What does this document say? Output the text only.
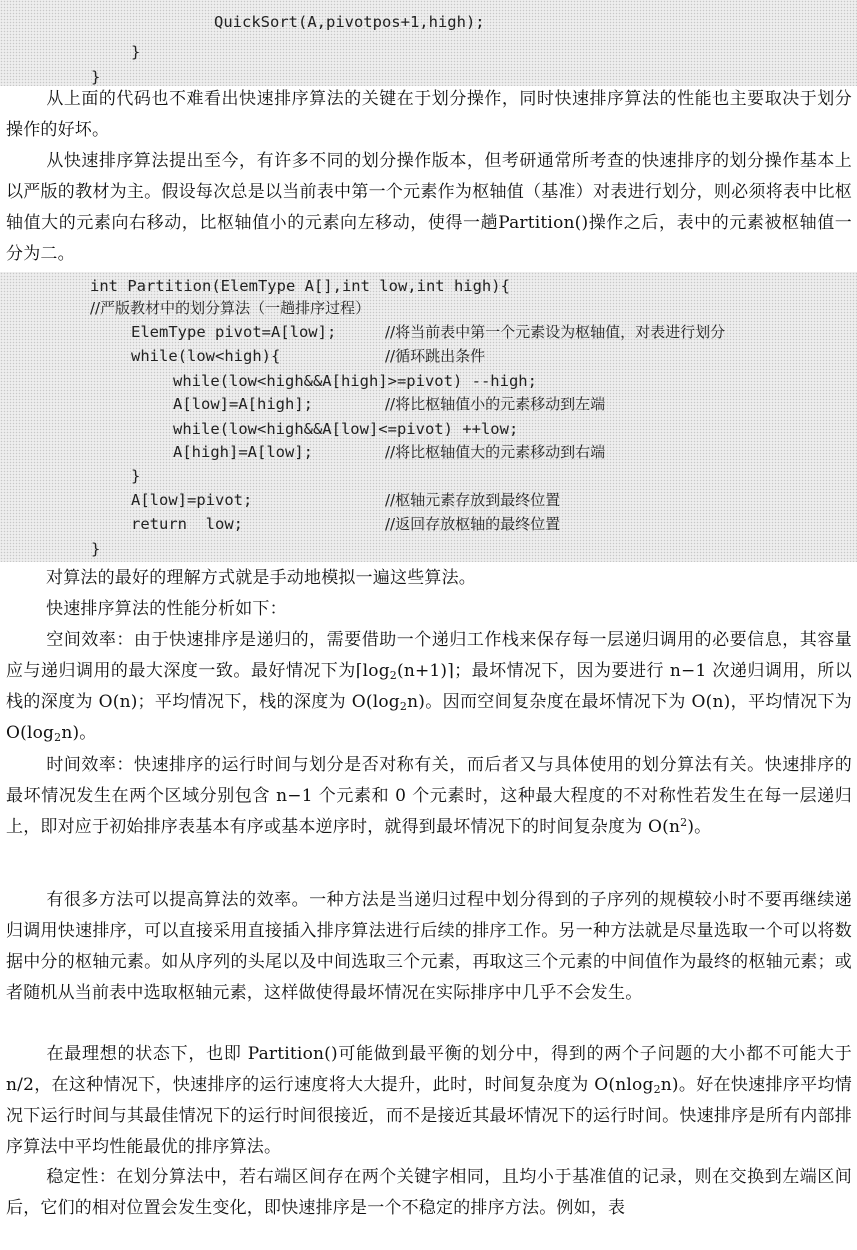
QuickSort(A,pivotpos+1,high);
}
}

从上面的代码也不难看出快速排序算法的关键在于划分操作，同时快速排序算法的性能也主要取决于划分操作的好坏。

从快速排序算法提出至今，有许多不同的划分操作版本，但考研通常所考查的快速排序的划分操作基本上以严版的教材为主。假设每次总是以当前表中第一个元素作为枢轴值（基准）对表进行划分，则必须将表中比枢轴值大的元素向右移动，比枢轴值小的元素向左移动，使得一趟Partition()操作之后，表中的元素被枢轴值一分为二。

int Partition(ElemType A[],int low,int high){
//严版教材中的划分算法（一趟排序过程）
ElemType pivot=A[low];	//将当前表中第一个元素设为枢轴值，对表进行划分
while(low<high){	//循环跳出条件
while(low<high&&A[high]>=pivot) --high;
A[low]=A[high];	//将比枢轴值小的元素移动到左端
while(low<high&&A[low]<=pivot) ++low;
A[high]=A[low];	//将比枢轴值大的元素移动到右端
}
A[low]=pivot;	//枢轴元素存放到最终位置
return  low;	//返回存放枢轴的最终位置
}

对算法的最好的理解方式就是手动地模拟一遍这些算法。

快速排序算法的性能分析如下：

空间效率：由于快速排序是递归的，需要借助一个递归工作栈来保存每一层递归调用的必要信息，其容量应与递归调用的最大深度一致。最好情况下为$⌈\log_2(n+1)⌉$；最坏情况下，因为要进行 n−1 次递归调用，所以栈的深度为 O(n)；平均情况下，栈的深度为 $O(\log_2n)$。因而空间复杂度在最坏情况下为 O(n)，平均情况下为 $O(\log_2n)$。

时间效率：快速排序的运行时间与划分是否对称有关，而后者又与具体使用的划分算法有关。快速排序的最坏情况发生在两个区域分别包含 n−1 个元素和 0 个元素时，这种最大程度的不对称性若发生在每一层递归上，即对应于初始排序表基本有序或基本逆序时，就得到最坏情况下的时间复杂度为 $O(n^2)$。

有很多方法可以提高算法的效率。一种方法是当递归过程中划分得到的子序列的规模较小时不要再继续递归调用快速排序，可以直接采用直接插入排序算法进行后续的排序工作。另一种方法就是尽量选取一个可以将数据中分的枢轴元素。如从序列的头尾以及中间选取三个元素，再取这三个元素的中间值作为最终的枢轴元素；或者随机从当前表中选取枢轴元素，这样做使得最坏情况在实际排序中几乎不会发生。

在最理想的状态下，也即 Partition()可能做到最平衡的划分中，得到的两个子问题的大小都不可能大于 n/2，在这种情况下，快速排序的运行速度将大大提升，此时，时间复杂度为 O(nlog$_2$n)。好在快速排序平均情况下运行时间与其最佳情况下的运行时间很接近，而不是接近其最坏情况下的运行时间。快速排序是所有内部排序算法中平均性能最优的排序算法。

稳定性：在划分算法中，若右端区间存在两个关键字相同，且均小于基准值的记录，则在交换到左端区间后，它们的相对位置会发生变化，即快速排序是一个不稳定的排序方法。例如，表
